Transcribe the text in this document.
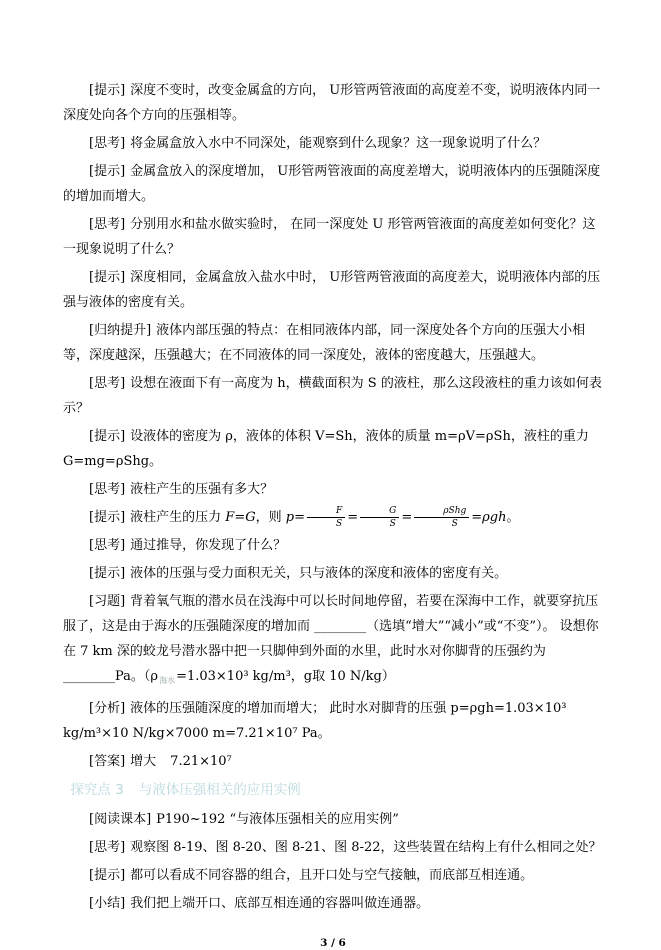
[提示] 深度不变时，改变金属盒的方向， U形管两管液面的高度差不变，说明液体内同一深度处向各个方向的压强相等。

[思考] 将金属盒放入水中不同深处，能观察到什么现象？这一现象说明了什么？

[提示] 金属盒放入的深度增加， U形管两管液面的高度差增大，说明液体内的压强随深度的增加而增大。

[思考] 分别用水和盐水做实验时， 在同一深度处 U 形管两管液面的高度差如何变化？这一现象说明了什么？

[提示] 深度相同，金属盒放入盐水中时， U形管两管液面的高度差大，说明液体内部的压强与液体的密度有关。

[归纳提升] 液体内部压强的特点：在相同液体内部，同一深度处各个方向的压强大小相等，深度越深，压强越大；在不同液体的同一深度处，液体的密度越大，压强越大。

[思考] 设想在液面下有一高度为 h，横截面积为 S 的液柱，那么这段液柱的重力该如何表示？

[提示] 设液体的密度为 ρ，液体的体积 V=Sh，液体的质量 m=ρV=ρSh，液柱的重力 G=mg=ρShg。

[思考] 液柱产生的压强有多大？

[提示] 液柱产生的压力 F=G，则 $p= \frac{F}{S} = \frac{G}{S} = \frac{\text{ρShg}}{S} =\rho gh$。

[思考] 通过推导，你发现了什么？

[提示] 液体的压强与受力面积无关，只与液体的深度和液体的密度有关。

[习题] 背着氧气瓶的潜水员在浅海中可以长时间地停留，若要在深海中工作，就要穿抗压服了，这是由于海水的压强随深度的增加而 ________（选填“增大”“减小”或“不变”）。 设想你在 7 km 深的蛟龙号潜水器中把一只脚伸到外面的水里，此时水对你脚背的压强约为 ________Pa。（$\rho_{海水}=1.03\times 10^3$ kg/m³，g取 10 N/kg）

[分析] 液体的压强随深度的增加而增大； 此时水对脚背的压强 p=ρgh=1.03×10³ kg/m³×10 N/kg×7000 m=7.21×10⁷ Pa。

[答案] 增大 7.21×10⁷

探究点 3 与液体压强相关的应用实例

[阅读课本] P190~192 “与液体压强相关的应用实例”

[思考] 观察图 8-19、图 8-20、图 8-21、图 8-22，这些装置在结构上有什么相同之处？

[提示] 都可以看成不同容器的组合，且开口处与空气接触，而底部互相连通。

[小结] 我们把上端开口、底部互相连通的容器叫做连通器。

3 / 6
